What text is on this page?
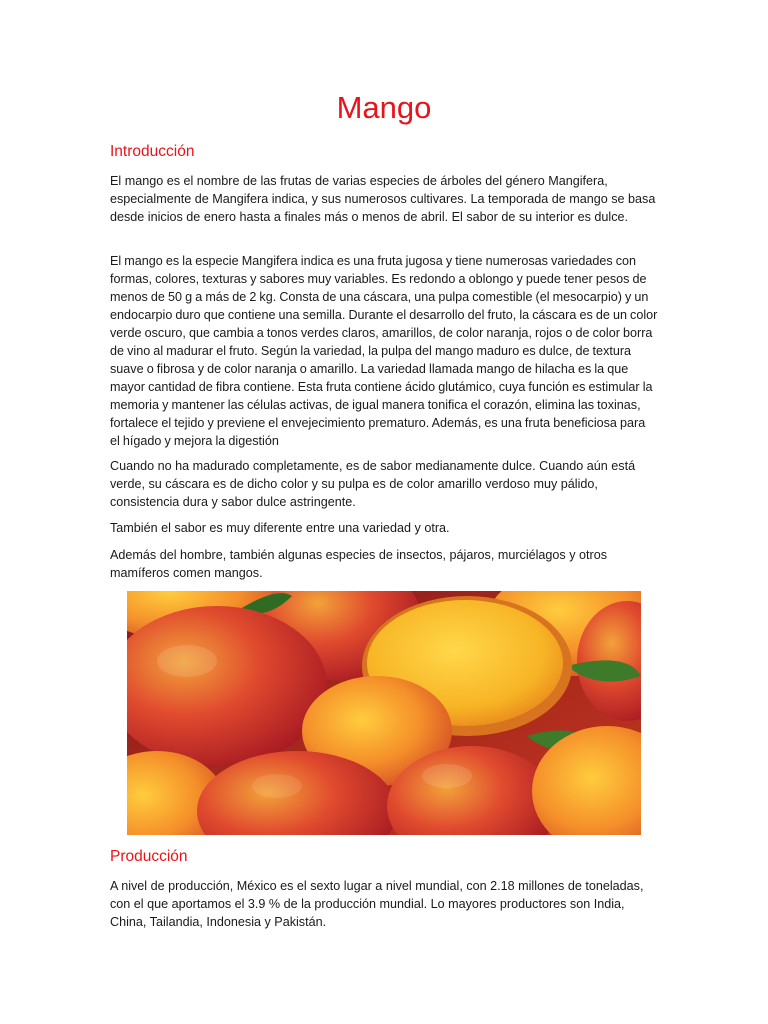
Mango
Introducción

El mango es el nombre de las frutas de varias especies de árboles del género Mangifera, especialmente de Mangifera indica, y sus numerosos cultivares. La temporada de mango se basa desde inicios de enero hasta a finales más o menos de abril. El sabor de su interior es dulce.

El mango es la especie Mangifera indica es una fruta jugosa y tiene numerosas variedades con formas, colores, texturas y sabores muy variables. Es redondo a oblongo y puede tener pesos de menos de 50 g a más de 2 kg. Consta de una cáscara, una pulpa comestible (el mesocarpio) y un endocarpio duro que contiene una semilla. Durante el desarrollo del fruto, la cáscara es de un color verde oscuro, que cambia a tonos verdes claros, amarillos, de color naranja, rojos o de color borra de vino al madurar el fruto. Según la variedad, la pulpa del mango maduro es dulce, de textura suave o fibrosa y de color naranja o amarillo. La variedad llamada mango de hilacha es la que mayor cantidad de fibra contiene. Esta fruta contiene ácido glutámico, cuya función es estimular la memoria y mantener las células activas, de igual manera tonifica el corazón, elimina las toxinas, fortalece el tejido y previene el envejecimiento prematuro. Además, es una fruta beneficiosa para el hígado y mejora la digestión

Cuando no ha madurado completamente, es de sabor medianamente dulce. Cuando aún está verde, su cáscara es de dicho color y su pulpa es de color amarillo verdoso muy pálido, consistencia dura y sabor dulce astringente.

También el sabor es muy diferente entre una variedad y otra.

Además del hombre, también algunas especies de insectos, pájaros, murciélagos y otros mamíferos comen mangos.

Producción

A nivel de producción, México es el sexto lugar a nivel mundial, con 2.18 millones de toneladas, con el que aportamos el 3.9 % de la producción mundial. Lo mayores productores son India, China, Tailandia, Indonesia y Pakistán.
